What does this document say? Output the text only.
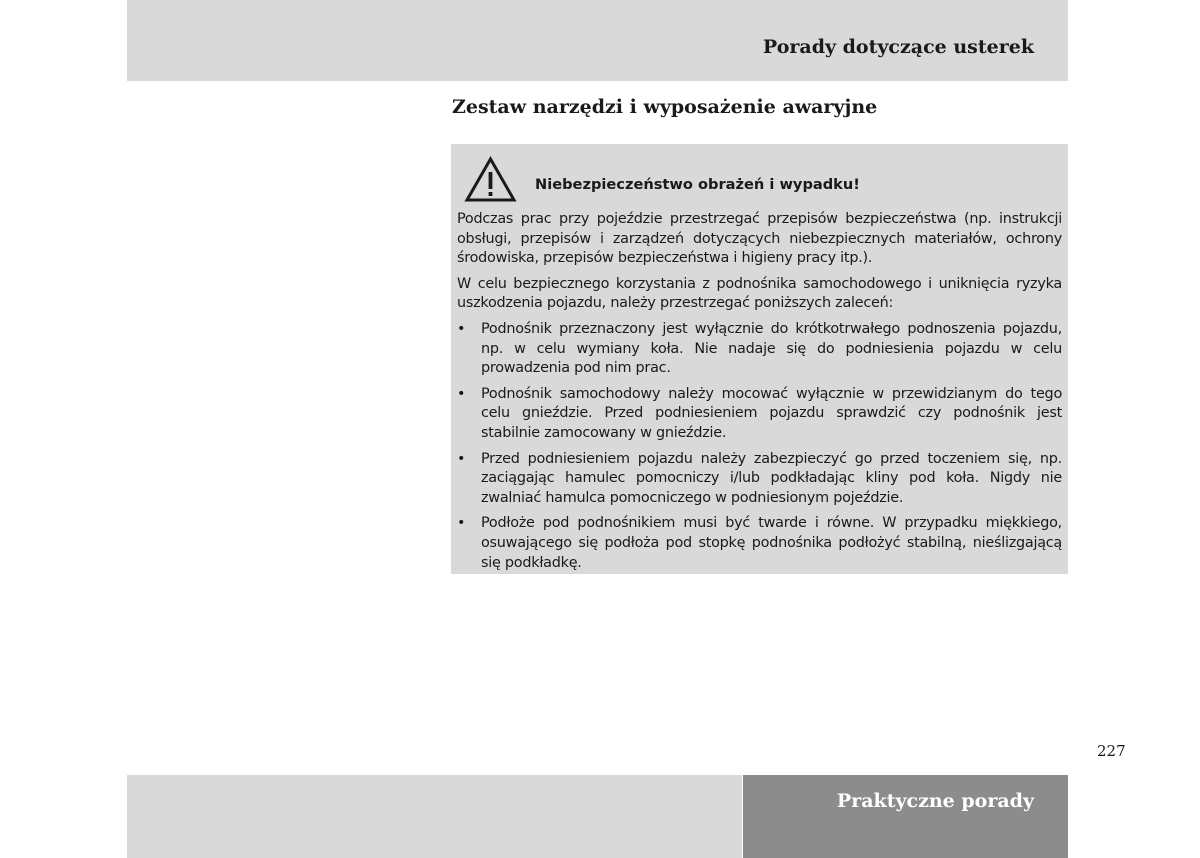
Porady dotyczące usterek
Zestaw narzędzi i wyposażenie awaryjne
Niebezpieczeństwo obrażeń i wypadku!

Podczas prac przy pojeździe przestrzegać przepisów bezpieczeństwa (np. instrukcji obsługi, przepisów i zarządzeń dotyczących niebezpiecznych materiałów, ochrony środowiska, przepisów bezpieczeństwa i higieny pracy itp.).

W celu bezpiecznego korzystania z podnośnika samochodowego i uniknięcia ryzyka uszkodzenia pojazdu, należy przestrzegać poniższych zaleceń:

• Podnośnik przeznaczony jest wyłącznie do krótkotrwałego podnoszenia pojazdu, np. w celu wymiany koła. Nie nadaje się do podniesienia pojazdu w celu prowadzenia pod nim prac.
• Podnośnik samochodowy należy mocować wyłącznie w przewidzianym do tego celu gnieździe. Przed podniesieniem pojazdu sprawdzić czy podnośnik jest stabilnie zamocowany w gnieździe.
• Przed podniesieniem pojazdu należy zabezpieczyć go przed toczeniem się, np. zaciągając hamulec pomocniczy i/lub podkładając kliny pod koła. Nigdy nie zwalniać hamulca pomocniczego w podniesionym pojeździe.
• Podłoże pod podnośnikiem musi być twarde i równe. W przypadku miękkiego, osuwającego się podłoża pod stopkę podnośnika podłożyć stabilną, nieślizgającą się podkładkę.
227
Praktyczne porady
